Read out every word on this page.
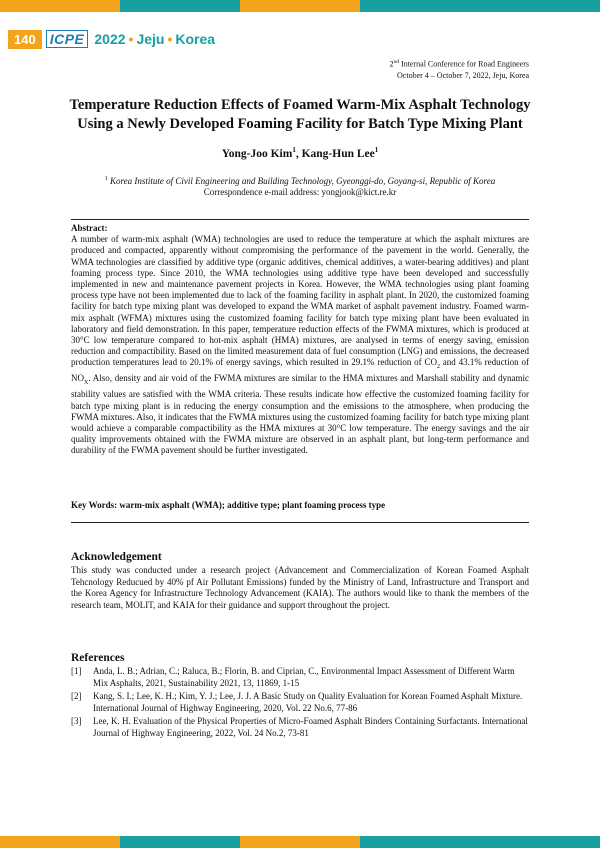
140	ICPE 2022 • Jeju • Korea
2nd Internal Conference for Road Engineers
October 4 – October 7, 2022, Jeju, Korea
Temperature Reduction Effects of Foamed Warm-Mix Asphalt Technology Using a Newly Developed Foaming Facility for Batch Type Mixing Plant
Yong-Joo Kim$^1$, Kang-Hun Lee$^1$
$^1$ Korea Institute of Civil Engineering and Building Technology, Gyeonggi-do, Goyang-si, Republic of Korea
Correspondence e-mail address: yongjook@kict.re.kr
Abstract:
A number of warm-mix asphalt (WMA) technologies are used to reduce the temperature at which the asphalt mixtures are produced and compacted, apparently without compromising the performance of the pavement in the world. Generally, the WMA technologies are classified by additive type (organic additives, chemical additives, a water-bearing additives) and plant foaming process type. Since 2010, the WMA technologies using additive type have been developed and successfully implemented in new and maintenance pavement projects in Korea. However, the WMA technologies using plant foaming process type have not been implemented due to lack of the foaming facility in asphalt plant. In 2020, the customized foaming facility for batch type mixing plant was developed to expand the WMA market of asphalt pavement industry. Foamed warm-mix asphalt (WFMA) mixtures using the customized foaming facility for batch type mixing plant have been evaluated in laboratory and field demonstration. In this paper, temperature reduction effects of the FWMA mixtures, which is produced at 30°C low temperature compared to hot-mix asphalt (HMA) mixtures, are analysed in terms of energy saving, emission reduction and compactibility. Based on the limited measurement data of fuel consumption (LNG) and emissions, the decreased production temperatures lead to 20.1% of energy savings, which resulted in 29.1% reduction of $CO_2$ and 43.1% reduction of $NO_X$. Also, density and air void of the FWMA mixtures are similar to the HMA mixtures and Marshall stability and dynamic stability values are satisfied with the WMA criteria. These results indicate how effective the customized foaming facility for batch type mixing plant is in reducing the energy consumption and the emissions to the atmosphere, when producing the FWMA mixtures. Also, it indicates that the FWMA mixtures using the customized foaming facility for batch type mixing plant would achieve a comparable compactibility as the HMA mixtures at 30°C low temperature. The energy savings and the air quality improvements obtained with the FWMA mixture are observed in an asphalt plant, but long-term performance and durability of the FWMA pavement should be further investigated.
Key Words: warm-mix asphalt (WMA); additive type; plant foaming process type
Acknowledgement
This study was conducted under a research project (Advancement and Commercialization of Korean Foamed Asphalt Tehcnology Reducued by 40% pf Air Pollutant Emissions) funded by the Ministry of Land, Infrastructure and Transport and the Korea Agency for Infrastructure Technology Advancement (KAIA). The authors would like to thank the members of the research team, MOLIT, and KAIA for their guidance and support throughout the project.
References
[1]	Anda, L. B.; Adrian, C.; Raluca, B.; Florin, B. and Ciprian, C., Environmental Impact Assessment of Different Warm Mix Asphalts, 2021, Sustainability 2021, 13, 11869, 1-15
[2]	Kang, S. I.; Lee, K. H.; Kim, Y. J.; Lee, J. J. A Basic Study on Quality Evaluation for Korean Foamed Asphalt Mixture. International Journal of Highway Engineering, 2020, Vol. 22 No.6, 77-86
[3]	Lee, K. H. Evaluation of the Physical Properties of Micro-Foamed Asphalt Binders Containing Surfactants. International Journal of Highway Engineering, 2022, Vol. 24 No.2, 73-81
